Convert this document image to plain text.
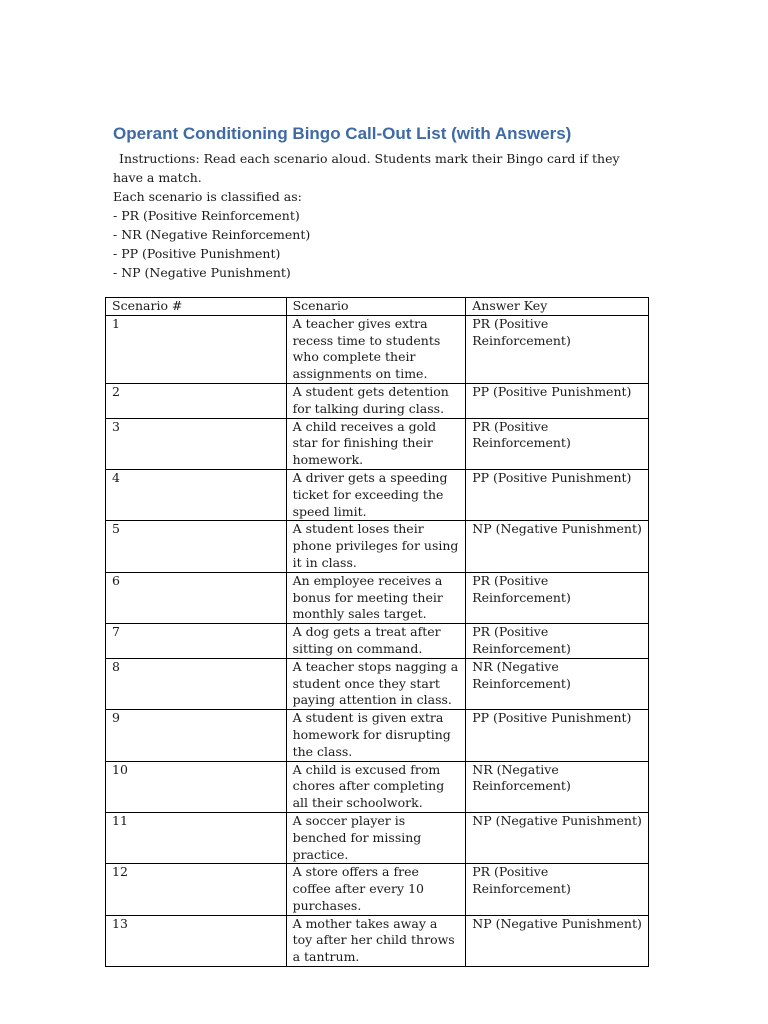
Operant Conditioning Bingo Call-Out List (with Answers)

Instructions: Read each scenario aloud. Students mark their Bingo card if they have a match.

Each scenario is classified as:

- PR (Positive Reinforcement)

- NR (Negative Reinforcement)

- PP (Positive Punishment)

- NP (Negative Punishment)

Scenario #	Scenario	Answer Key
1	A teacher gives extra recess time to students who complete their assignments on time.	PR (Positive Reinforcement)
2	A student gets detention for talking during class.	PP (Positive Punishment)
3	A child receives a gold star for finishing their homework.	PR (Positive Reinforcement)
4	A driver gets a speeding ticket for exceeding the speed limit.	PP (Positive Punishment)
5	A student loses their phone privileges for using it in class.	NP (Negative Punishment)
6	An employee receives a bonus for meeting their monthly sales target.	PR (Positive Reinforcement)
7	A dog gets a treat after sitting on command.	PR (Positive Reinforcement)
8	A teacher stops nagging a student once they start paying attention in class.	NR (Negative Reinforcement)
9	A student is given extra homework for disrupting the class.	PP (Positive Punishment)
10	A child is excused from chores after completing all their schoolwork.	NR (Negative Reinforcement)
11	A soccer player is benched for missing practice.	NP (Negative Punishment)
12	A store offers a free coffee after every 10 purchases.	PR (Positive Reinforcement)
13	A mother takes away a toy after her child throws a tantrum.	NP (Negative Punishment)
